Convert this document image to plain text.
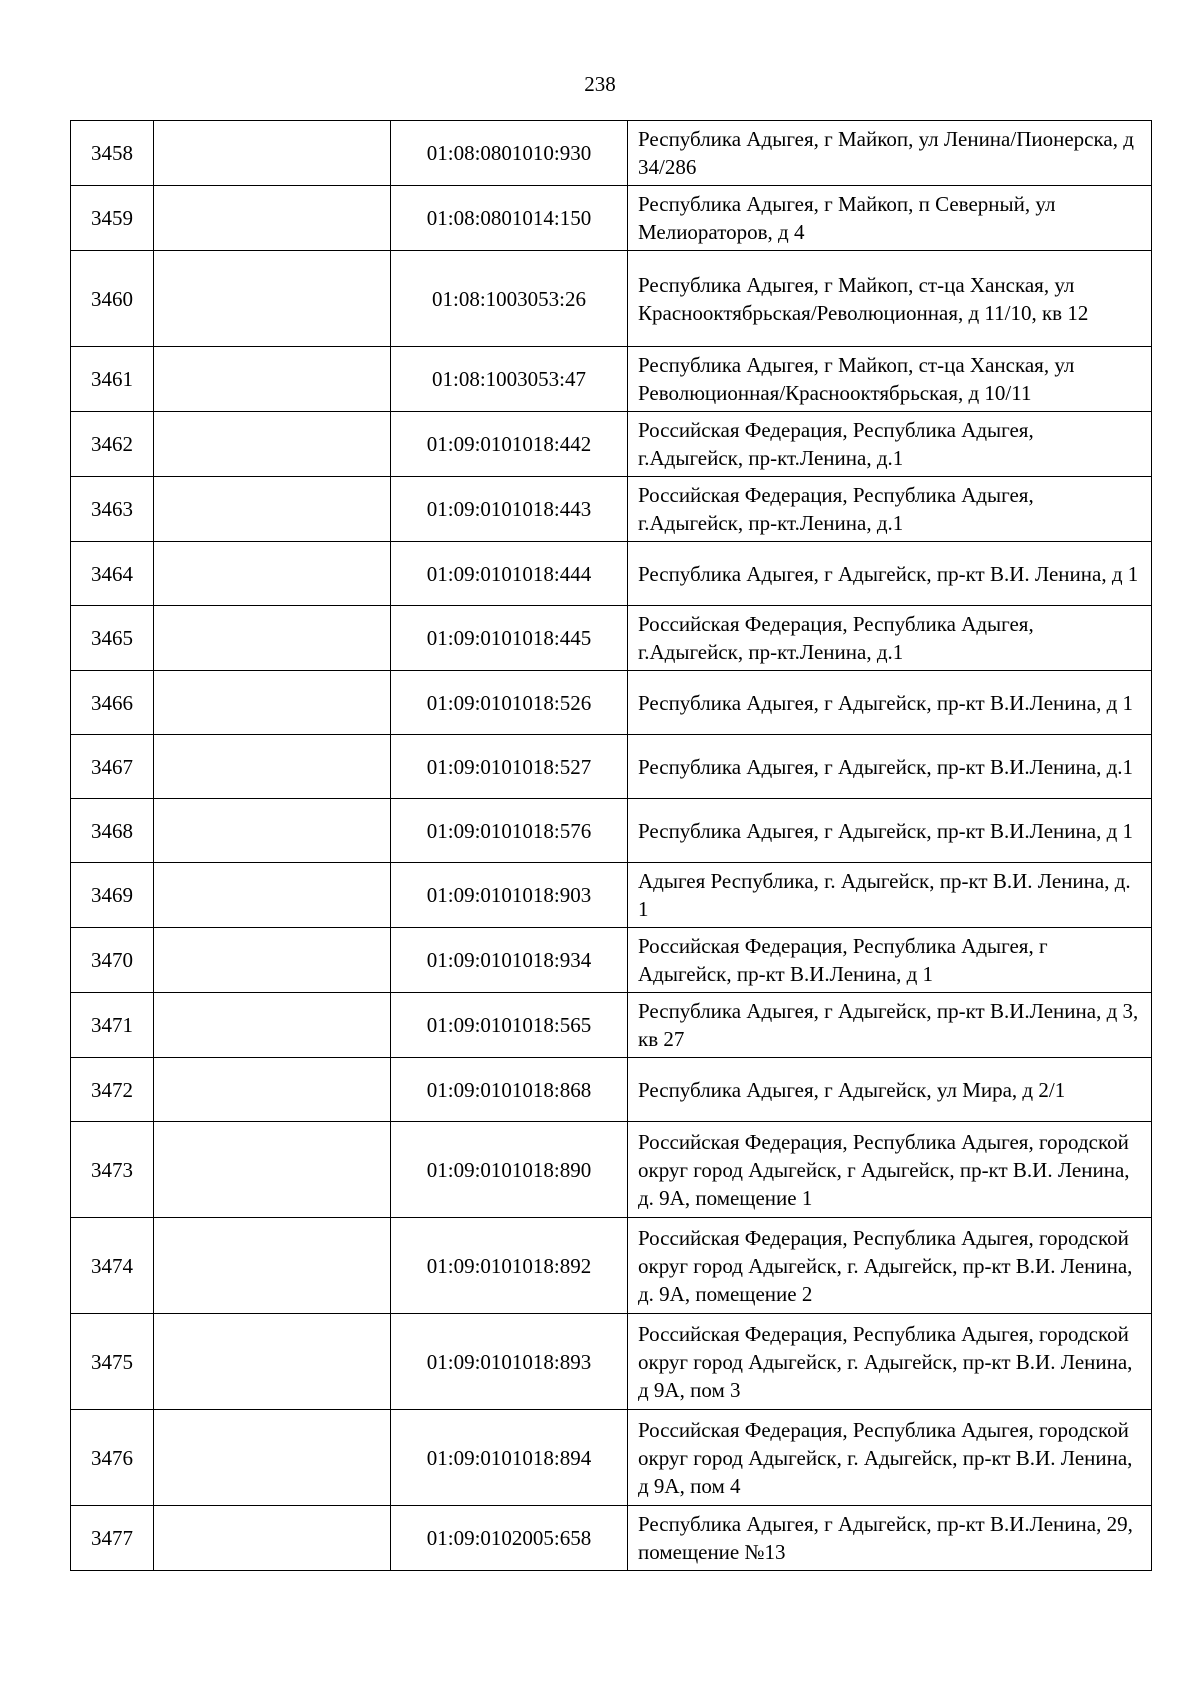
238
3458		01:08:0801010:930	Республика Адыгея, г Майкоп, ул Ленина/Пионерска, д 34/286
3459		01:08:0801014:150	Республика Адыгея, г Майкоп, п Северный, ул Мелиораторов, д 4
3460		01:08:1003053:26	Республика Адыгея, г Майкоп, ст-ца Ханская, ул Краснооктябрьская/Революционная, д 11/10, кв 12
3461		01:08:1003053:47	Республика Адыгея, г Майкоп, ст-ца Ханская, ул Революционная/Краснооктябрьская, д 10/11
3462		01:09:0101018:442	Российская Федерация, Республика Адыгея, г.Адыгейск, пр-кт.Ленина, д.1
3463		01:09:0101018:443	Российская Федерация, Республика Адыгея, г.Адыгейск, пр-кт.Ленина, д.1
3464		01:09:0101018:444	Республика Адыгея, г Адыгейск, пр-кт В.И. Ленина, д 1
3465		01:09:0101018:445	Российская Федерация, Республика Адыгея, г.Адыгейск, пр-кт.Ленина, д.1
3466		01:09:0101018:526	Республика Адыгея, г Адыгейск, пр-кт В.И.Ленина, д 1
3467		01:09:0101018:527	Республика Адыгея, г Адыгейск, пр-кт В.И.Ленина, д.1
3468		01:09:0101018:576	Республика Адыгея, г Адыгейск, пр-кт В.И.Ленина, д 1
3469		01:09:0101018:903	Адыгея Республика, г. Адыгейск, пр-кт В.И. Ленина, д. 1
3470		01:09:0101018:934	Российская Федерация, Республика Адыгея, г Адыгейск, пр-кт В.И.Ленина, д 1
3471		01:09:0101018:565	Республика Адыгея, г Адыгейск, пр-кт В.И.Ленина, д 3, кв 27
3472		01:09:0101018:868	Республика Адыгея, г Адыгейск, ул Мира, д 2/1
3473		01:09:0101018:890	Российская Федерация, Республика Адыгея, городской округ город Адыгейск, г Адыгейск, пр-кт В.И. Ленина, д. 9А, помещение 1
3474		01:09:0101018:892	Российская Федерация, Республика Адыгея, городской округ город Адыгейск, г. Адыгейск, пр-кт В.И. Ленина, д. 9А, помещение 2
3475		01:09:0101018:893	Российская Федерация, Республика Адыгея, городской округ город Адыгейск, г. Адыгейск, пр-кт В.И. Ленина, д 9А, пом 3
3476		01:09:0101018:894	Российская Федерация, Республика Адыгея, городской округ город Адыгейск, г. Адыгейск, пр-кт В.И. Ленина, д 9А, пом 4
3477		01:09:0102005:658	Республика Адыгея, г Адыгейск, пр-кт В.И.Ленина, 29, помещение №13
